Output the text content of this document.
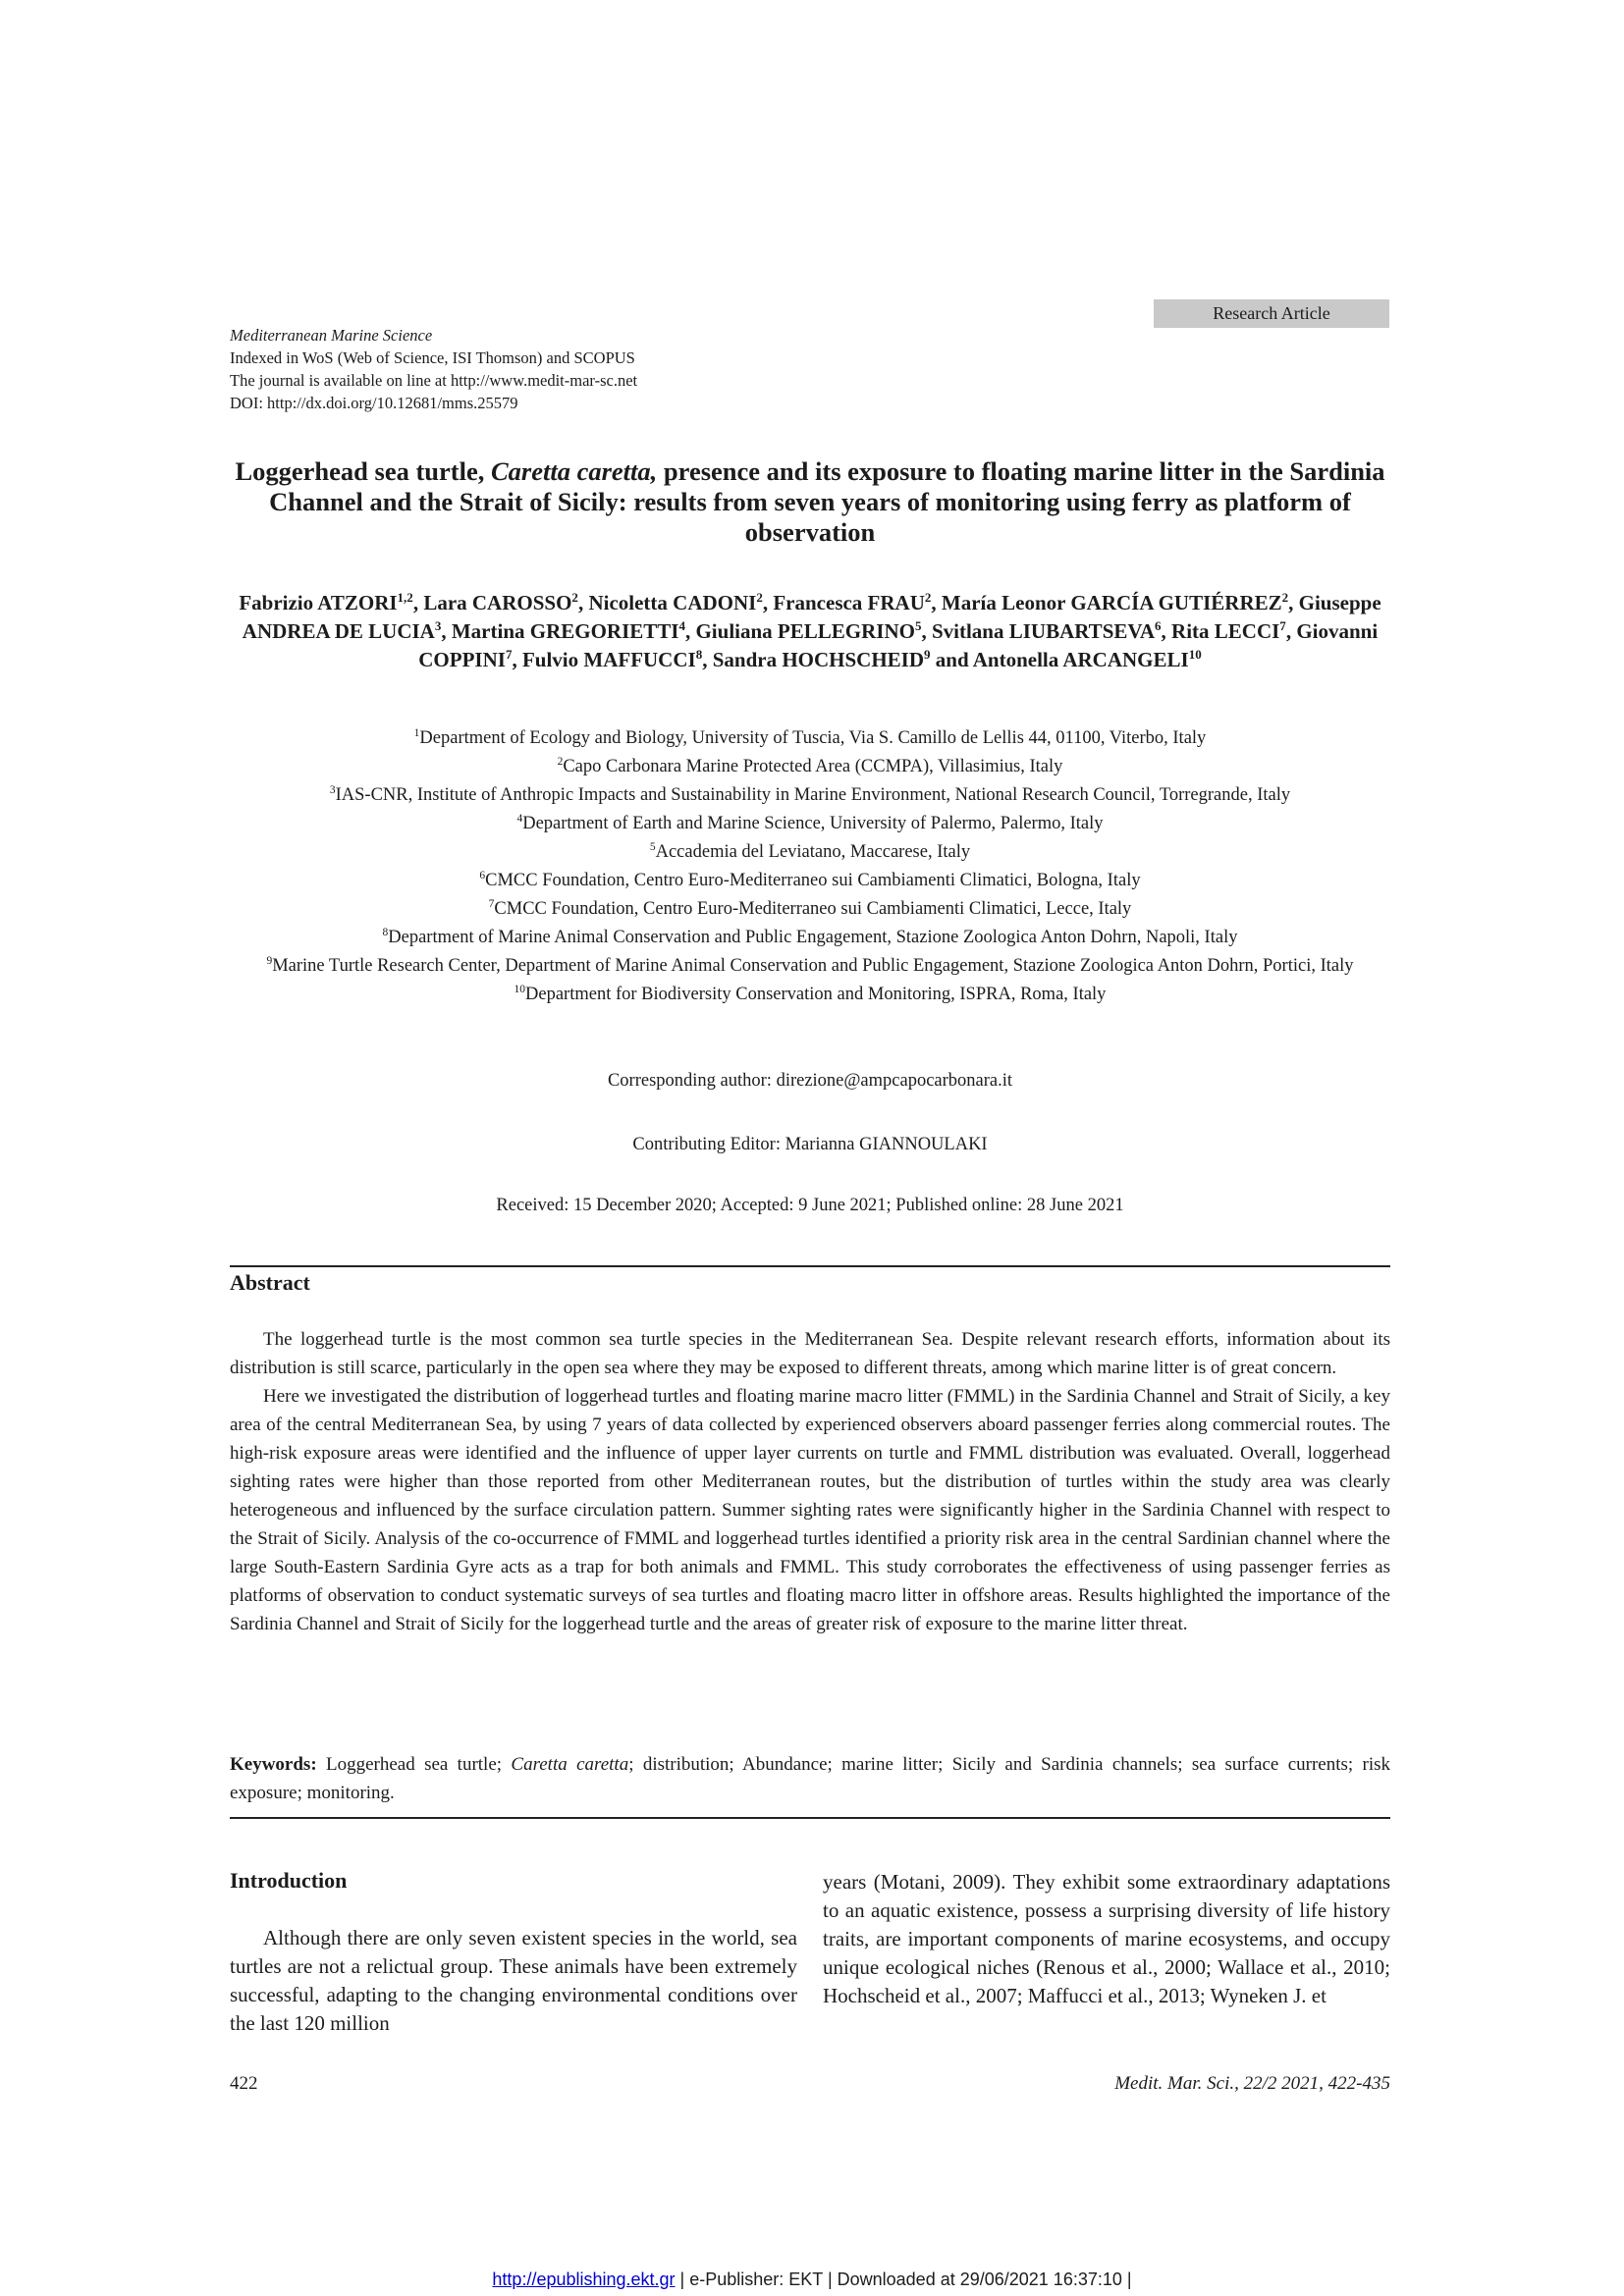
Mediterranean Marine Science
Indexed in WoS (Web of Science, ISI Thomson) and SCOPUS
The journal is available on line at http://www.medit-mar-sc.net
DOI: http://dx.doi.org/10.12681/mms.25579
Research Article
Loggerhead sea turtle, Caretta caretta, presence and its exposure to floating marine litter in the Sardinia Channel and the Strait of Sicily: results from seven years of monitoring using ferry as platform of observation
Fabrizio ATZORI$^{1,2}$, Lara CAROSSO$^2$, Nicoletta CADONI$^2$, Francesca FRAU$^2$, María Leonor GARCÍA GUTIÉRREZ$^2$, Giuseppe ANDREA DE LUCIA$^3$, Martina GREGORIETTI$^4$, Giuliana PELLEGRINO$^5$, Svitlana LIUBARTSEVA$^6$, Rita LECCI$^7$, Giovanni COPPINI$^7$, Fulvio MAFFUCCI$^8$, Sandra HOCHSCHEID$^9$ and Antonella ARCANGELI$^{10}$
$^1$Department of Ecology and Biology, University of Tuscia, Via S. Camillo de Lellis 44, 01100, Viterbo, Italy
$^2$Capo Carbonara Marine Protected Area (CCMPA), Villasimius, Italy
$^3$IAS-CNR, Institute of Anthropic Impacts and Sustainability in Marine Environment, National Research Council, Torregrande, Italy
$^4$Department of Earth and Marine Science, University of Palermo, Palermo, Italy
$^5$Accademia del Leviatano, Maccarese, Italy
$^6$CMCC Foundation, Centro Euro-Mediterraneo sui Cambiamenti Climatici, Bologna, Italy
$^7$CMCC Foundation, Centro Euro-Mediterraneo sui Cambiamenti Climatici, Lecce, Italy
$^8$Department of Marine Animal Conservation and Public Engagement, Stazione Zoologica Anton Dohrn, Napoli, Italy
$^9$Marine Turtle Research Center, Department of Marine Animal Conservation and Public Engagement, Stazione Zoologica Anton Dohrn, Portici, Italy
$^{10}$Department for Biodiversity Conservation and Monitoring, ISPRA, Roma, Italy
Corresponding author: direzione@ampcapocarbonara.it
Contributing Editor: Marianna GIANNOULAKI
Received: 15 December 2020; Accepted: 9 June 2021; Published online: 28 June 2021
Abstract

The loggerhead turtle is the most common sea turtle species in the Mediterranean Sea. Despite relevant research efforts, information about its distribution is still scarce, particularly in the open sea where they may be exposed to different threats, among which marine litter is of great concern.

Here we investigated the distribution of loggerhead turtles and floating marine macro litter (FMML) in the Sardinia Channel and Strait of Sicily, a key area of the central Mediterranean Sea, by using 7 years of data collected by experienced observers aboard passenger ferries along commercial routes. The high-risk exposure areas were identified and the influence of upper layer currents on turtle and FMML distribution was evaluated. Overall, loggerhead sighting rates were higher than those reported from other Mediterranean routes, but the distribution of turtles within the study area was clearly heterogeneous and influenced by the surface circulation pattern. Summer sighting rates were significantly higher in the Sardinia Channel with respect to the Strait of Sicily. Analysis of the co-occurrence of FMML and loggerhead turtles identified a priority risk area in the central Sardinian channel where the large South-Eastern Sardinia Gyre acts as a trap for both animals and FMML. This study corroborates the effectiveness of using passenger ferries as platforms of observation to conduct systematic surveys of sea turtles and floating macro litter in offshore areas. Results highlighted the importance of the Sardinia Channel and Strait of Sicily for the loggerhead turtle and the areas of greater risk of exposure to the marine litter threat.

Keywords: Loggerhead sea turtle; Caretta caretta; distribution; Abundance; marine litter; Sicily and Sardinia channels; sea surface currents; risk exposure; monitoring.
Introduction

Although there are only seven existent species in the world, sea turtles are not a relictual group. These animals have been extremely successful, adapting to the changing environmental conditions over the last 120 million

years (Motani, 2009). They exhibit some extraordinary adaptations to an aquatic existence, possess a surprising diversity of life history traits, are important components of marine ecosystems, and occupy unique ecological niches (Renous et al., 2000; Wallace et al., 2010; Hochscheid et al., 2007; Maffucci et al., 2013; Wyneken J. et

422	Medit. Mar. Sci., 22/2 2021, 422-435
http://epublishing.ekt.gr | e-Publisher: EKT | Downloaded at 29/06/2021 16:37:10 |
